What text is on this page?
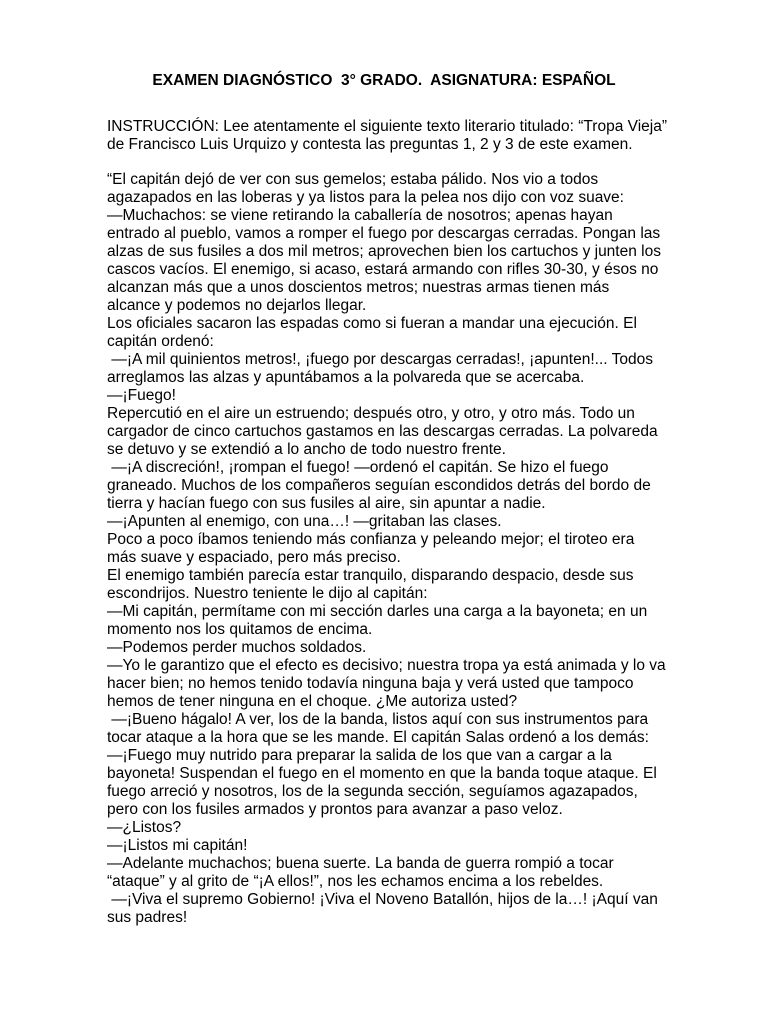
EXAMEN DIAGNÓSTICO  3° GRADO.  ASIGNATURA: ESPAÑOL
INSTRUCCIÓN: Lee atentamente el siguiente texto literario titulado: “Tropa Vieja” de Francisco Luis Urquizo y contesta las preguntas 1, 2 y 3 de este examen.

“El capitán dejó de ver con sus gemelos; estaba pálido. Nos vio a todos agazapados en las loberas y ya listos para la pelea nos dijo con voz suave:

—Muchachos: se viene retirando la caballería de nosotros; apenas hayan entrado al pueblo, vamos a romper el fuego por descargas cerradas. Pongan las alzas de sus fusiles a dos mil metros; aprovechen bien los cartuchos y junten los cascos vacíos. El enemigo, si acaso, estará armando con rifles 30-30, y ésos no alcanzan más que a unos doscientos metros; nuestras armas tienen más alcance y podemos no dejarlos llegar.

Los oficiales sacaron las espadas como si fueran a mandar una ejecución. El capitán ordenó:

—¡A mil quinientos metros!, ¡fuego por descargas cerradas!, ¡apunten!... Todos arreglamos las alzas y apuntábamos a la polvareda que se acercaba.

—¡Fuego!

Repercutió en el aire un estruendo; después otro, y otro, y otro más. Todo un cargador de cinco cartuchos gastamos en las descargas cerradas. La polvareda se detuvo y se extendió a lo ancho de todo nuestro frente.

—¡A discreción!, ¡rompan el fuego! —ordenó el capitán. Se hizo el fuego graneado. Muchos de los compañeros seguían escondidos detrás del bordo de tierra y hacían fuego con sus fusiles al aire, sin apuntar a nadie.

—¡Apunten al enemigo, con una…! —gritaban las clases.

Poco a poco íbamos teniendo más confianza y peleando mejor; el tiroteo era más suave y espaciado, pero más preciso.

El enemigo también parecía estar tranquilo, disparando despacio, desde sus escondrijos. Nuestro teniente le dijo al capitán:

—Mi capitán, permítame con mi sección darles una carga a la bayoneta; en un momento nos los quitamos de encima.

—Podemos perder muchos soldados.

—Yo le garantizo que el efecto es decisivo; nuestra tropa ya está animada y lo va hacer bien; no hemos tenido todavía ninguna baja y verá usted que tampoco hemos de tener ninguna en el choque. ¿Me autoriza usted?

—¡Bueno hágalo! A ver, los de la banda, listos aquí con sus instrumentos para tocar ataque a la hora que se les mande. El capitán Salas ordenó a los demás:

—¡Fuego muy nutrido para preparar la salida de los que van a cargar a la bayoneta! Suspendan el fuego en el momento en que la banda toque ataque. El fuego arreció y nosotros, los de la segunda sección, seguíamos agazapados, pero con los fusiles armados y prontos para avanzar a paso veloz.

—¿Listos?

—¡Listos mi capitán!

—Adelante muchachos; buena suerte. La banda de guerra rompió a tocar “ataque” y al grito de “¡A ellos!”, nos les echamos encima a los rebeldes.

—¡Viva el supremo Gobierno! ¡Viva el Noveno Batallón, hijos de la…! ¡Aquí van sus padres!
